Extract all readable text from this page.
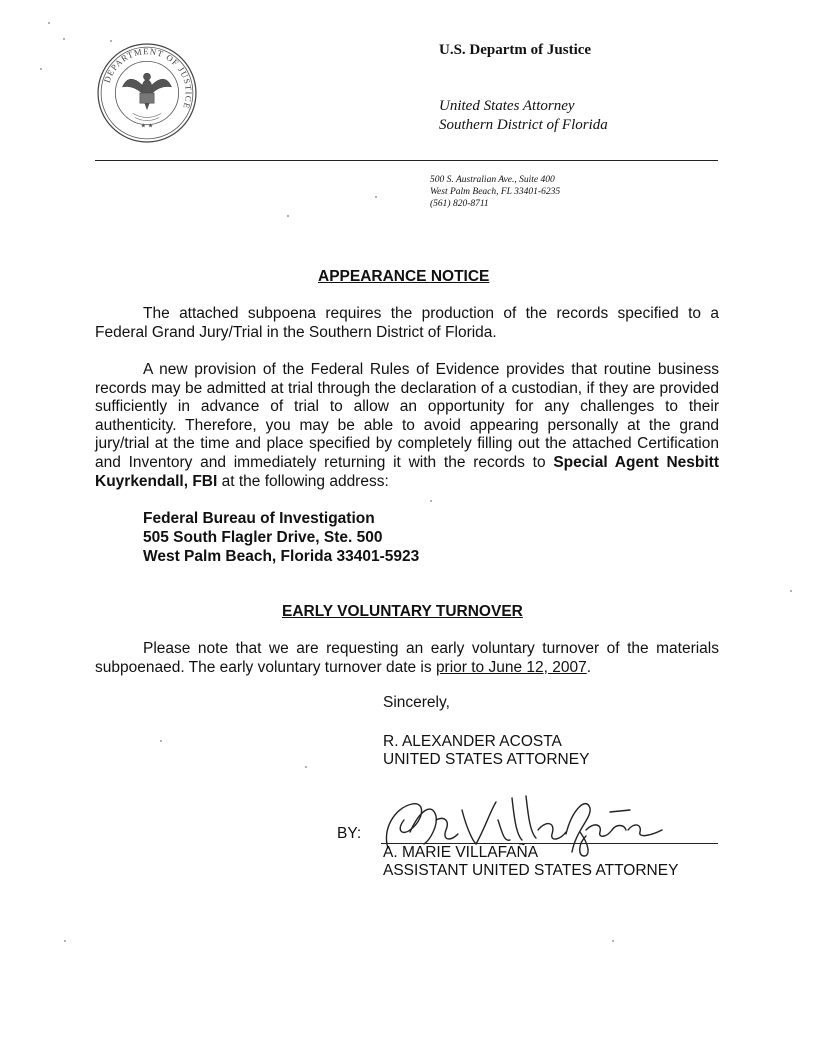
DEPARTMENT OF JUSTICE
★ ★
U.S. Departm of Justice
United States Attorney
Southern District of Florida
500 S. Australian Ave., Suite 400
West Palm Beach, FL 33401-6235
(561) 820-8711
APPEARANCE NOTICE
The attached subpoena requires the production of the records specified to a Federal Grand Jury/Trial in the Southern District of Florida.
A new provision of the Federal Rules of Evidence provides that routine business records may be admitted at trial through the declaration of a custodian, if they are provided sufficiently in advance of trial to allow an opportunity for any challenges to their authenticity. Therefore, you may be able to avoid appearing personally at the grand jury/trial at the time and place specified by completely filling out the attached Certification and Inventory and immediately returning it with the records to Special Agent Nesbitt Kuyrkendall, FBI at the following address:
Federal Bureau of Investigation
505 South Flagler Drive, Ste. 500
West Palm Beach, Florida 33401-5923
EARLY VOLUNTARY TURNOVER
Please note that we are requesting an early voluntary turnover of the materials subpoenaed. The early voluntary turnover date is prior to June 12, 2007.
Sincerely,
R. ALEXANDER ACOSTA
UNITED STATES ATTORNEY
BY:
A. MARIE VILLAFAÑA
ASSISTANT UNITED STATES ATTORNEY
